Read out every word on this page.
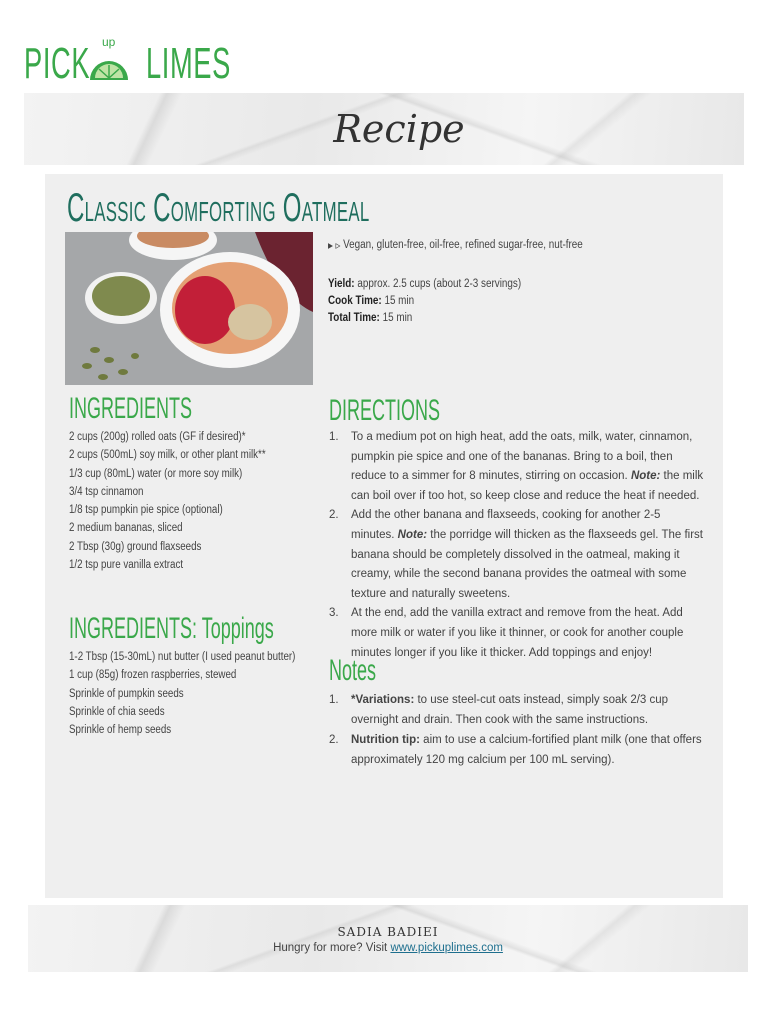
PICK   LIMES
up
Recipe
Classic Comforting Oatmeal
▸ ▹ Vegan, gluten-free, oil-free, refined sugar-free, nut-free
Yield: approx. 2.5 cups (about 2-3 servings)
Cook Time: 15 min
Total Time: 15 min
INGREDIENTS
2 cups (200g) rolled oats (GF if desired)*
2 cups (500mL) soy milk, or other plant milk**
1/3 cup (80mL) water (or more soy milk)
3/4 tsp cinnamon
1/8 tsp pumpkin pie spice (optional)
2 medium bananas, sliced
2 Tbsp (30g) ground flaxseeds
1/2 tsp pure vanilla extract
INGREDIENTS: Toppings
1-2 Tbsp (15-30mL) nut butter (I used peanut butter)
1 cup (85g) frozen raspberries, stewed
Sprinkle of pumpkin seeds
Sprinkle of chia seeds
Sprinkle of hemp seeds
DIRECTIONS
1. To a medium pot on high heat, add the oats, milk, water, cinnamon, pumpkin pie spice and one of the bananas. Bring to a boil, then reduce to a simmer for 8 minutes, stirring on occasion. Note: the milk can boil over if too hot, so keep close and reduce the heat if needed.
2. Add the other banana and flaxseeds, cooking for another 2-5 minutes. Note: the porridge will thicken as the flaxseeds gel. The first banana should be completely dissolved in the oatmeal, making it creamy, while the second banana provides the oatmeal with some texture and naturally sweetens.
3. At the end, add the vanilla extract and remove from the heat. Add more milk or water if you like it thinner, or cook for another couple minutes longer if you like it thicker. Add toppings and enjoy!
Notes
1. *Variations: to use steel-cut oats instead, simply soak 2/3 cup overnight and drain. Then cook with the same instructions.
2. Nutrition tip: aim to use a calcium-fortified plant milk (one that offers approximately 120 mg calcium per 100 mL serving).
SADIA BADIEI
Hungry for more? Visit www.pickuplimes.com
